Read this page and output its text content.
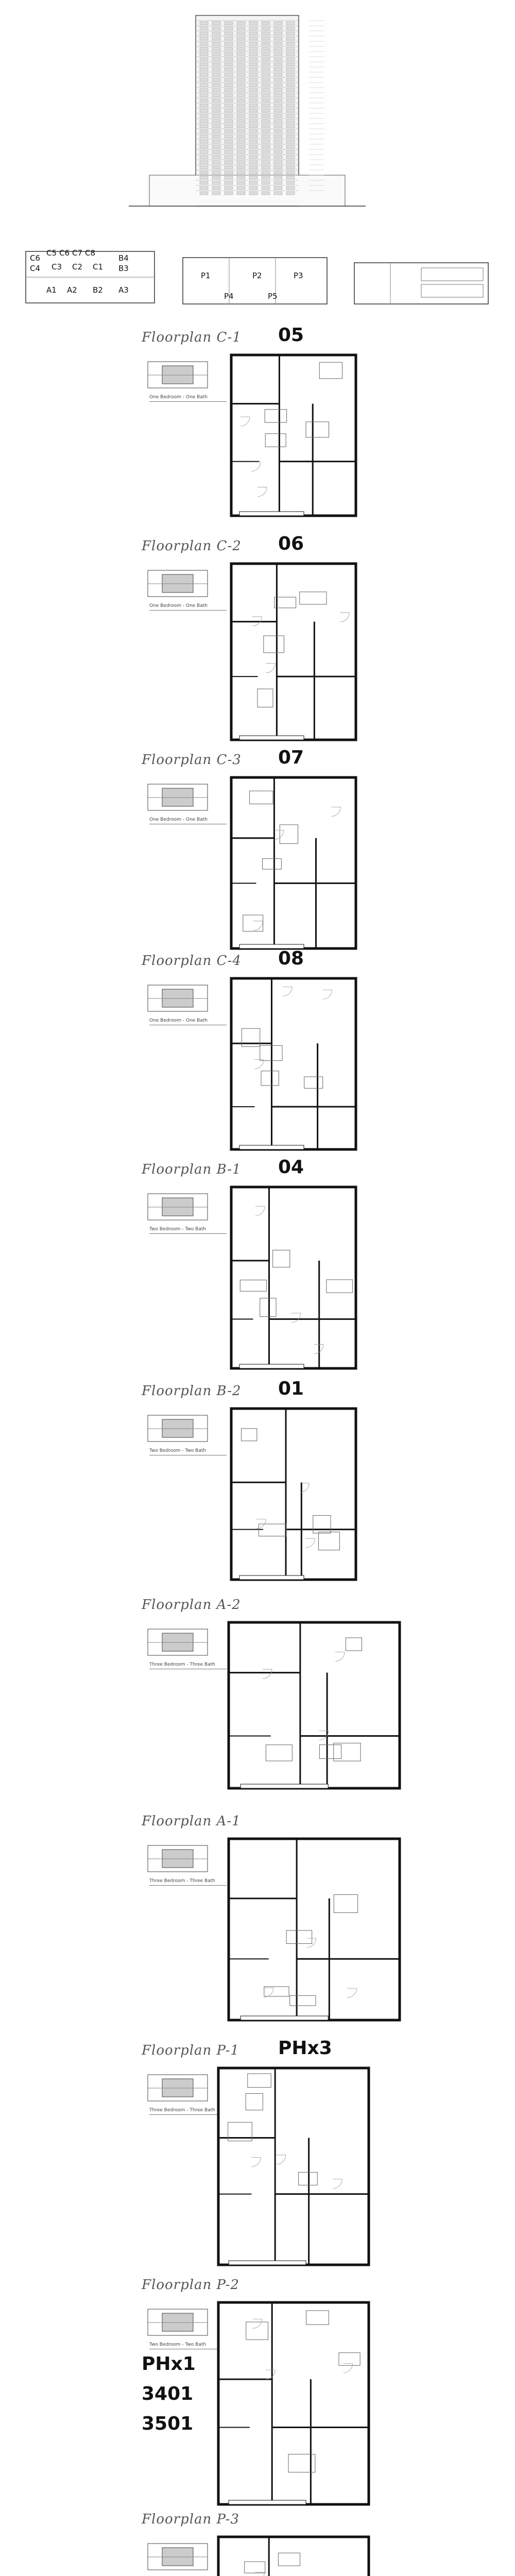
C6
C5 C6 C7 C8
C4 C3 C2 C1
B4
B3
A1 A2 B2 A3
P1	P2	P3
P4	P5
Floorplan C-1
One Bedroom - One Bath
05
Floorplan C-2
One Bedroom - One Bath
06
Floorplan C-3
One Bedroom - One Bath
07
Floorplan C-4
One Bedroom - One Bath
08
Floorplan B-1
Two Bedroom - Two Bath
04
Floorplan B-2
Two Bedroom - Two Bath
01
Floorplan A-2
Three Bedroom - Three Bath
Floorplan A-1
Three Bedroom - Three Bath
Floorplan P-1
Three Bedroom - Three Bath
PHx3
Floorplan P-2
Two Bedroom - Two Bath
PHx1
3401
3501
Floorplan P-3
